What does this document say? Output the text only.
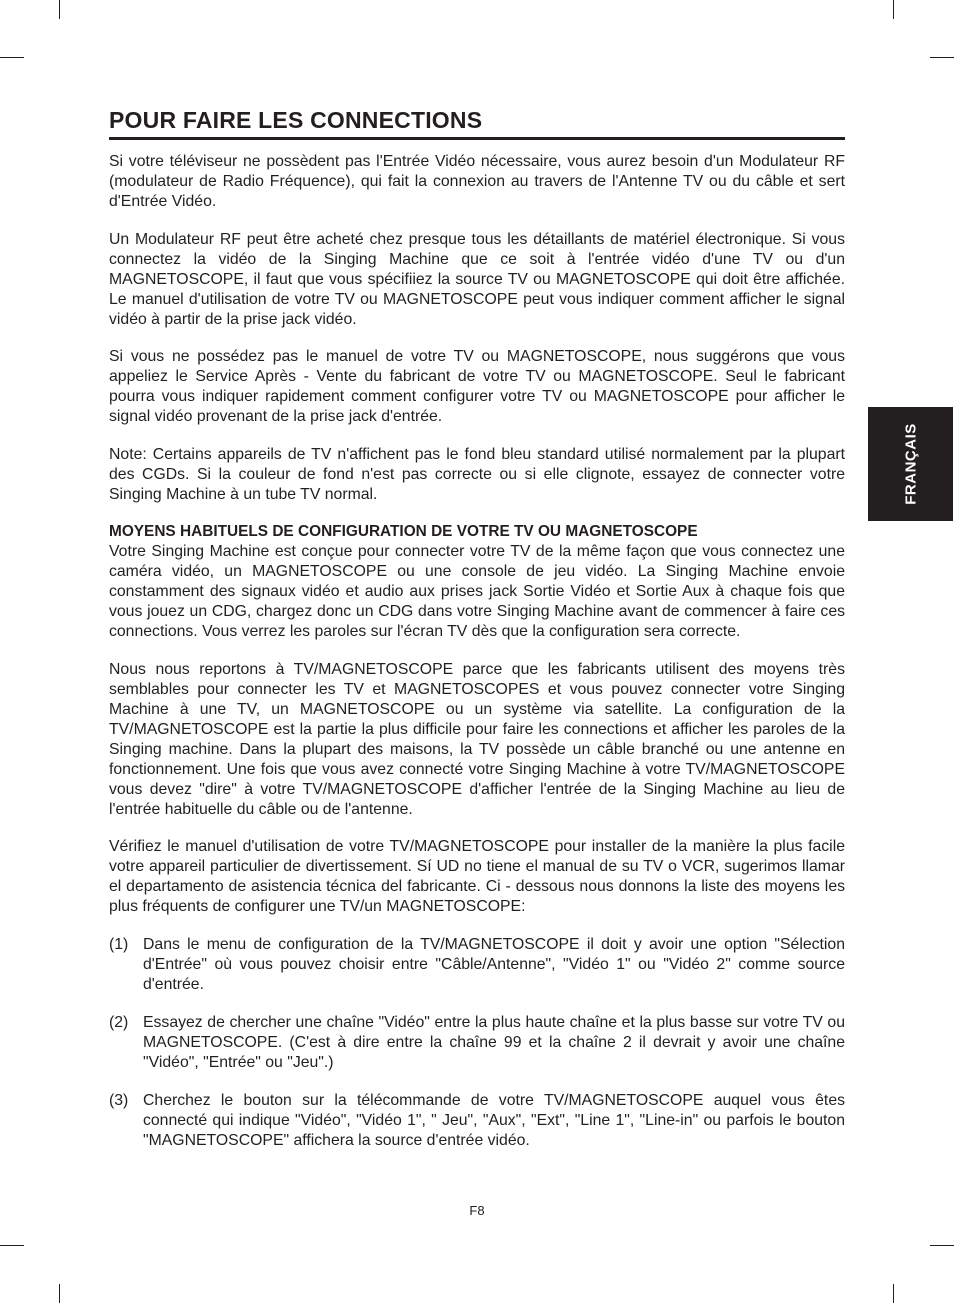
POUR FAIRE LES CONNECTIONS

Si votre téléviseur ne possèdent pas l'Entrée Vidéo nécessaire, vous aurez besoin d'un Modulateur RF (modulateur de Radio Fréquence), qui fait la connexion au travers de l'Antenne TV ou du câble et sert d'Entrée Vidéo.

Un Modulateur RF peut être acheté chez presque tous les détaillants de matériel électronique. Si vous connectez la vidéo de la Singing Machine que ce soit à l'entrée vidéo d'une TV ou d'un MAGNETOSCOPE, il faut que vous spécifiiez la source TV ou MAGNETOSCOPE qui doit être affichée. Le manuel d'utilisation de votre TV ou MAGNETOSCOPE peut vous indiquer comment afficher le signal vidéo à partir de la prise jack vidéo.

Si vous ne possédez pas le manuel de votre TV ou MAGNETOSCOPE, nous suggérons que vous appeliez le Service Après - Vente du fabricant de votre TV ou MAGNETOSCOPE. Seul le fabricant pourra vous indiquer rapidement comment configurer votre TV ou MAGNETOSCOPE pour afficher le signal vidéo provenant de la prise jack d'entrée.

Note: Certains appareils de TV n'affichent pas le fond bleu standard utilisé normalement par la plupart des CGDs. Si la couleur de fond n'est pas correcte ou si elle clignote, essayez de connecter votre Singing Machine à un tube TV normal.

MOYENS HABITUELS DE CONFIGURATION DE VOTRE TV OU MAGNETOSCOPE

Votre Singing Machine est conçue pour connecter votre TV de la même façon que vous connectez une caméra vidéo, un MAGNETOSCOPE ou une console de jeu vidéo. La Singing Machine envoie constamment des signaux vidéo et audio aux prises jack Sortie Vidéo et Sortie Aux à chaque fois que vous jouez un CDG, chargez donc un CDG dans votre Singing Machine avant de commencer à faire ces connections. Vous verrez les paroles sur l'écran TV dès que la configuration sera correcte.

Nous nous reportons à TV/MAGNETOSCOPE parce que les fabricants utilisent des moyens très semblables pour connecter les TV et MAGNETOSCOPES et vous pouvez connecter votre Singing Machine à une TV, un MAGNETOSCOPE ou un système via satellite. La configuration de la TV/MAGNETOSCOPE est la partie la plus difficile pour faire les connections et afficher les paroles de la Singing machine. Dans la plupart des maisons, la TV possède un câble branché ou une antenne en fonctionnement. Une fois que vous avez connecté votre Singing Machine à votre TV/MAGNETOSCOPE vous devez "dire" à votre TV/MAGNETOSCOPE d'afficher l'entrée de la Singing Machine au lieu de l'entrée habituelle du câble ou de l'antenne.

Vérifiez le manuel d'utilisation de votre TV/MAGNETOSCOPE pour installer de la manière la plus facile votre appareil particulier de divertissement. Sí UD no tiene el manual de su TV o VCR, sugerimos llamar el departamento de asistencia técnica del fabricante. Ci - dessous nous donnons la liste des moyens les plus fréquents de configurer une TV/un MAGNETOSCOPE:

(1) Dans le menu de configuration de la TV/MAGNETOSCOPE il doit y avoir une option "Sélection d'Entrée" où vous pouvez choisir entre "Câble/Antenne", "Vidéo 1" ou "Vidéo 2" comme source d'entrée.
(2) Essayez de chercher une chaîne "Vidéo" entre la plus haute chaîne et la plus basse sur votre TV ou MAGNETOSCOPE. (C'est à dire entre la chaîne 99 et la chaîne 2 il devrait y avoir une chaîne "Vidéo", "Entrée" ou "Jeu".)
(3) Cherchez le bouton sur la télécommande de votre TV/MAGNETOSCOPE auquel vous êtes connecté qui indique "Vidéo", "Vidéo 1", " Jeu", "Aux", "Ext", "Line 1", "Line-in" ou parfois le bouton "MAGNETOSCOPE" affichera la source d'entrée vidéo.
FRANÇAIS
F8
